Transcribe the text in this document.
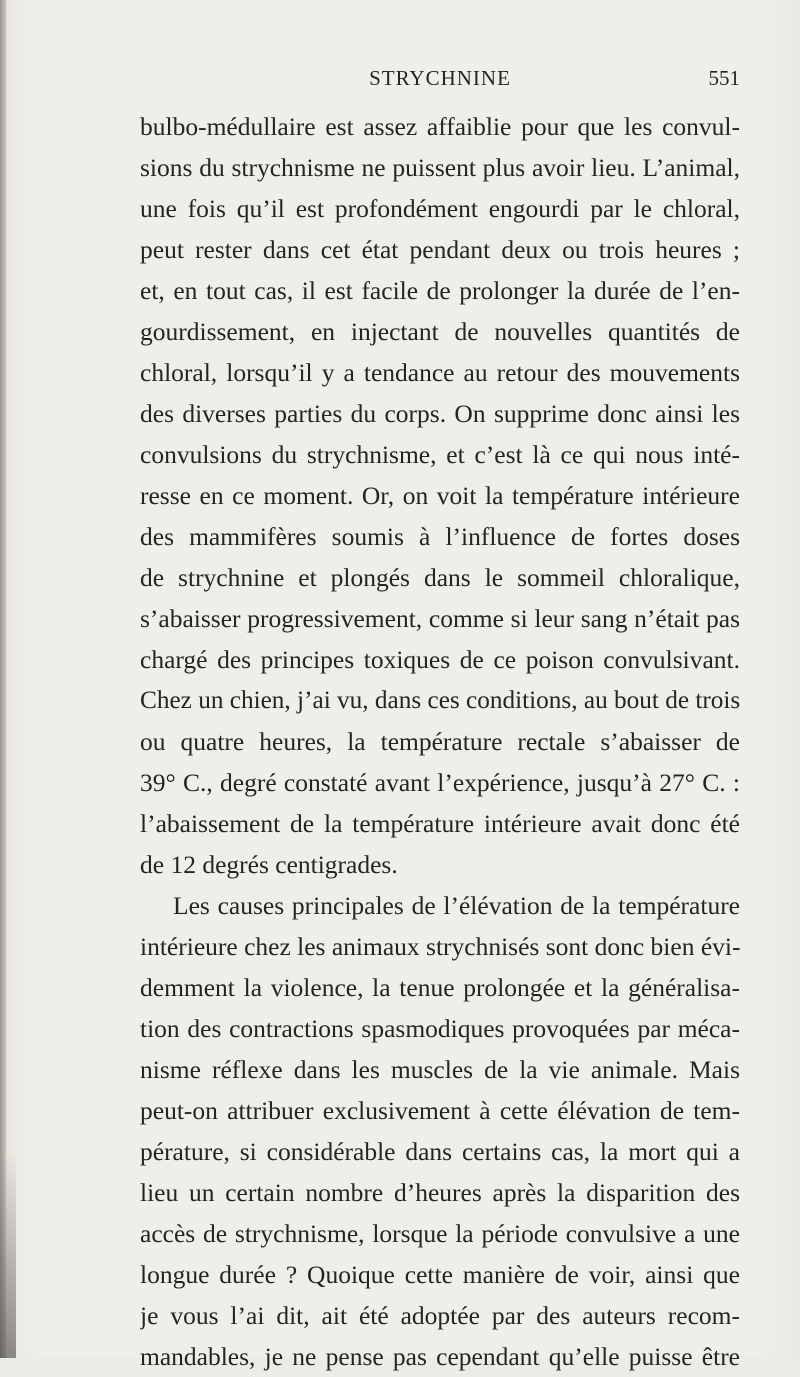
STRYCHNINE	551
bulbo-médullaire est assez affaiblie pour que les convul-
sions du strychnisme ne puissent plus avoir lieu. L’animal,
une fois qu’il est profondément engourdi par le chloral,
peut rester dans cet état pendant deux ou trois heures ;
et, en tout cas, il est facile de prolonger la durée de l’en-
gourdissement, en injectant de nouvelles quantités de
chloral, lorsqu’il y a tendance au retour des mouvements
des diverses parties du corps. On supprime donc ainsi les
convulsions du strychnisme, et c’est là ce qui nous inté-
resse en ce moment. Or, on voit la température intérieure
des mammifères soumis à l’influence de fortes doses
de strychnine et plongés dans le sommeil chloralique,
s’abaisser progressivement, comme si leur sang n’était pas
chargé des principes toxiques de ce poison convulsivant.
Chez un chien, j’ai vu, dans ces conditions, au bout de trois
ou quatre heures, la température rectale s’abaisser de
39° C., degré constaté avant l’expérience, jusqu’à 27° C. :
l’abaissement de la température intérieure avait donc été
de 12 degrés centigrades.
Les causes principales de l’élévation de la température
intérieure chez les animaux strychnisés sont donc bien évi-
demment la violence, la tenue prolongée et la généralisa-
tion des contractions spasmodiques provoquées par méca-
nisme réflexe dans les muscles de la vie animale. Mais
peut-on attribuer exclusivement à cette élévation de tem-
pérature, si considérable dans certains cas, la mort qui a
lieu un certain nombre d’heures après la disparition des
accès de strychnisme, lorsque la période convulsive a une
longue durée ? Quoique cette manière de voir, ainsi que
je vous l’ai dit, ait été adoptée par des auteurs recom-
mandables, je ne pense pas cependant qu’elle puisse être
